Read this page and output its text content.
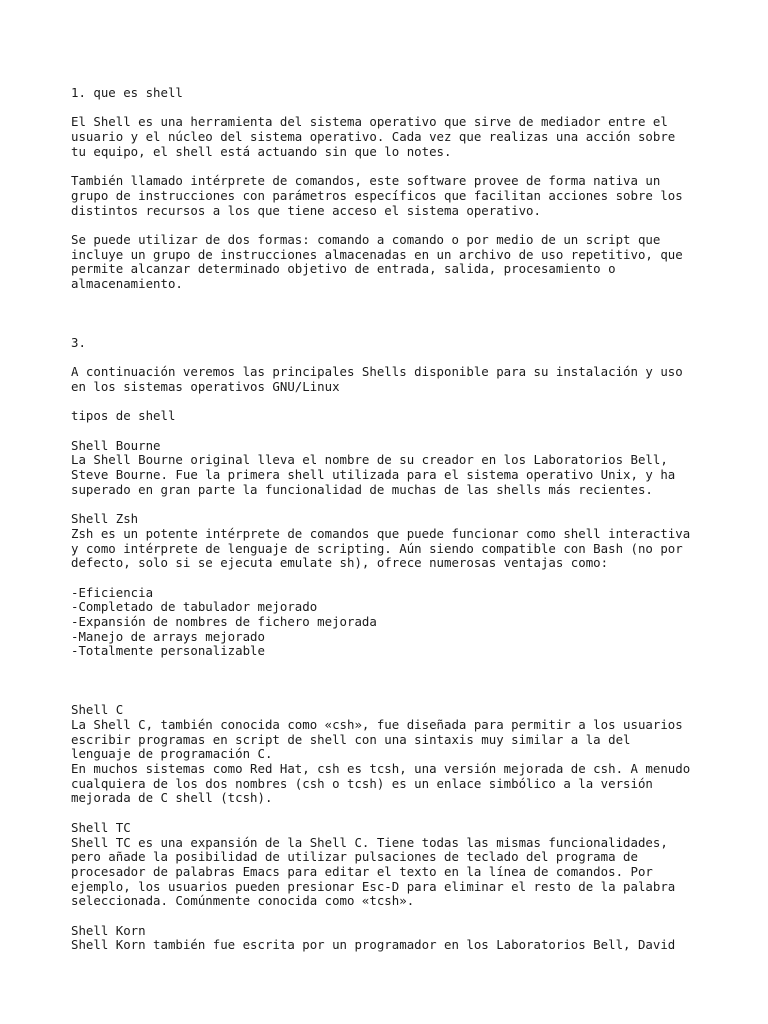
1. que es shell
El Shell es una herramienta del sistema operativo que sirve de mediador entre el
usuario y el núcleo del sistema operativo. Cada vez que realizas una acción sobre
tu equipo, el shell está actuando sin que lo notes.
También llamado intérprete de comandos, este software provee de forma nativa un
grupo de instrucciones con parámetros específicos que facilitan acciones sobre los
distintos recursos a los que tiene acceso el sistema operativo.
Se puede utilizar de dos formas: comando a comando o por medio de un script que
incluye un grupo de instrucciones almacenadas en un archivo de uso repetitivo, que
permite alcanzar determinado objetivo de entrada, salida, procesamiento o
almacenamiento.
3.
A continuación veremos las principales Shells disponible para su instalación y uso
en los sistemas operativos GNU/Linux
tipos de shell
Shell Bourne
La Shell Bourne original lleva el nombre de su creador en los Laboratorios Bell,
Steve Bourne. Fue la primera shell utilizada para el sistema operativo Unix, y ha
superado en gran parte la funcionalidad de muchas de las shells más recientes.
Shell Zsh
Zsh es un potente intérprete de comandos que puede funcionar como shell interactiva
y como intérprete de lenguaje de scripting. Aún siendo compatible con Bash (no por
defecto, solo si se ejecuta emulate sh), ofrece numerosas ventajas como:
-Eficiencia
-Completado de tabulador mejorado
-Expansión de nombres de fichero mejorada
-Manejo de arrays mejorado
-Totalmente personalizable
Shell C
La Shell C, también conocida como «csh», fue diseñada para permitir a los usuarios
escribir programas en script de shell con una sintaxis muy similar a la del
lenguaje de programación C.
En muchos sistemas como Red Hat, csh es tcsh, una versión mejorada de csh. A menudo
cualquiera de los dos nombres (csh o tcsh) es un enlace simbólico a la versión
mejorada de C shell (tcsh).
Shell TC
Shell TC es una expansión de la Shell C. Tiene todas las mismas funcionalidades,
pero añade la posibilidad de utilizar pulsaciones de teclado del programa de
procesador de palabras Emacs para editar el texto en la línea de comandos. Por
ejemplo, los usuarios pueden presionar Esc-D para eliminar el resto de la palabra
seleccionada. Comúnmente conocida como «tcsh».
Shell Korn
Shell Korn también fue escrita por un programador en los Laboratorios Bell, David
